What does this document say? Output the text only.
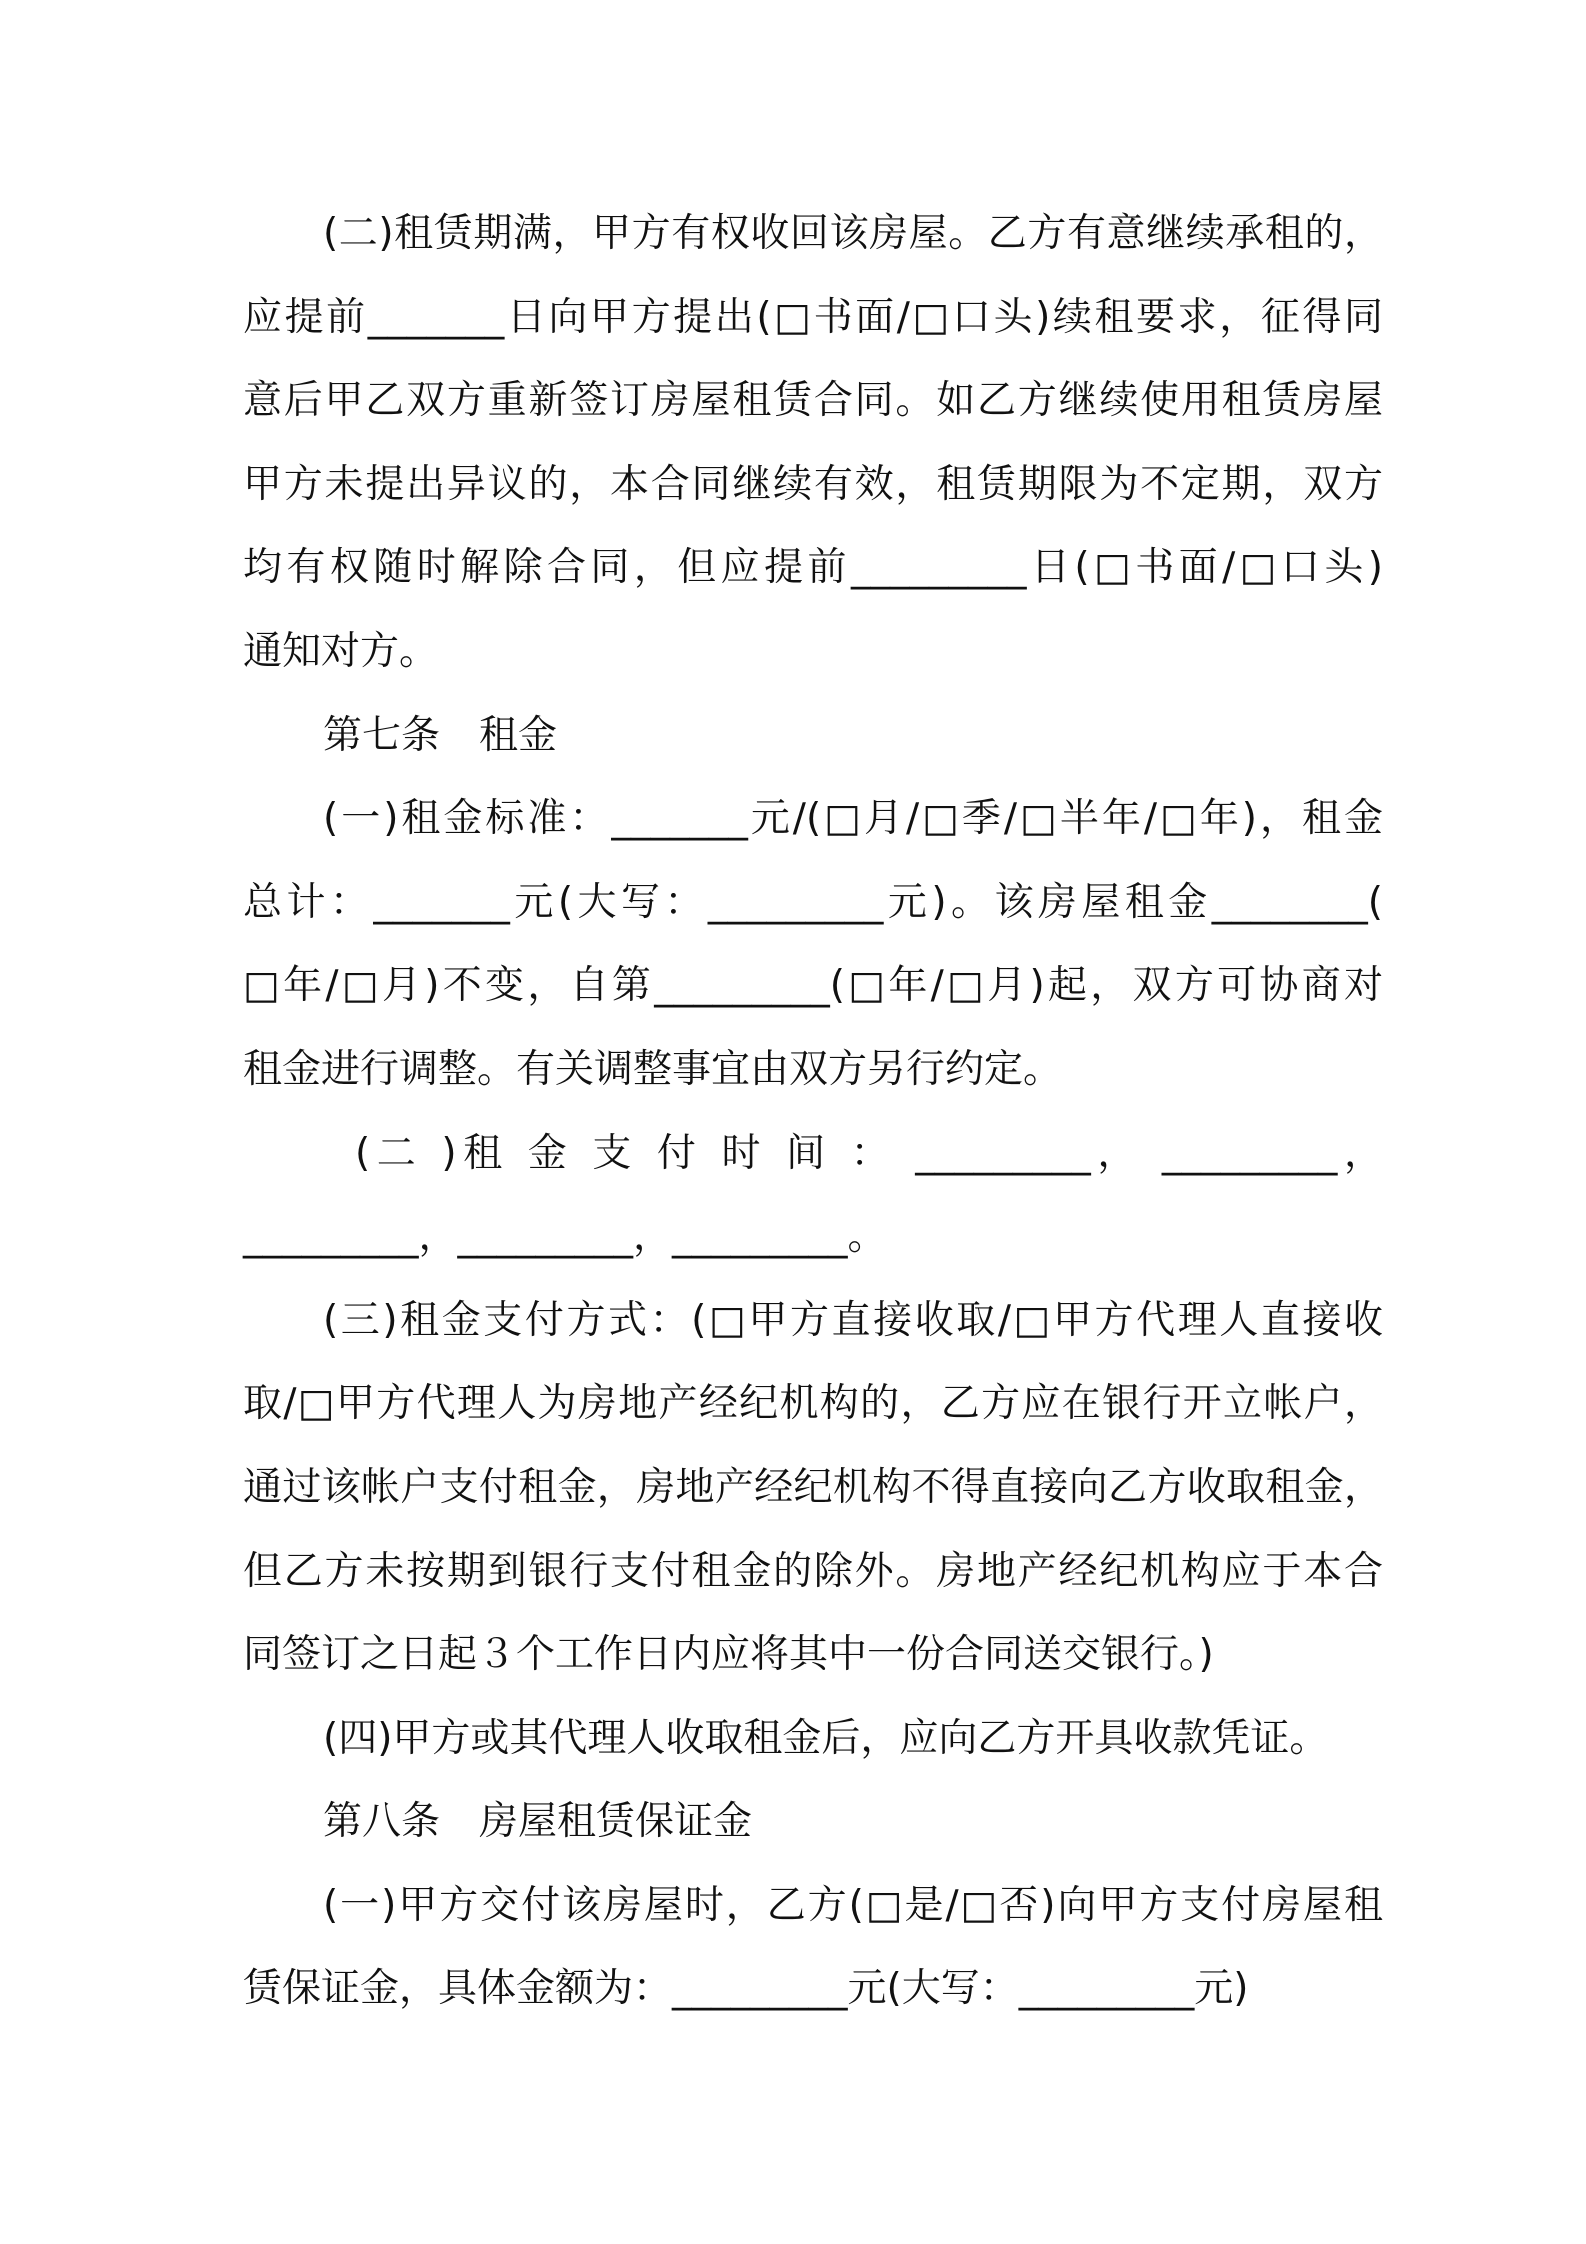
(二)租赁期满，甲方有权收回该房屋。乙方有意继续承租的，
应提前_______日向甲方提出(□书面/□口头)续租要求，征得同
意后甲乙双方重新签订房屋租赁合同。如乙方继续使用租赁房屋
甲方未提出异议的，本合同继续有效，租赁期限为不定期，双方
均有权随时解除合同，但应提前_________日(□书面/□口头)
通知对方。
第七条　租金
(一)租金标准：_______元/(□月/□季/□半年/□年)，租金
总计：_______元(大写：_________元)。该房屋租金________(
□年/□月)不变，自第_________(□年/□月)起，双方可协商对
租金进行调整。有关调整事宜由双方另行约定。
(二 )租 金 支 付 时 间 ： _________， _________，
_________，_________，_________。
(三)租金支付方式：(□甲方直接收取/□甲方代理人直接收
取/□甲方代理人为房地产经纪机构的，乙方应在银行开立帐户，
通过该帐户支付租金，房地产经纪机构不得直接向乙方收取租金，
但乙方未按期到银行支付租金的除外。房地产经纪机构应于本合
同签订之日起３个工作日内应将其中一份合同送交银行。)
(四)甲方或其代理人收取租金后，应向乙方开具收款凭证。
第八条　房屋租赁保证金
(一)甲方交付该房屋时，乙方(□是/□否)向甲方支付房屋租
赁保证金，具体金额为：_________元(大写：_________元)
